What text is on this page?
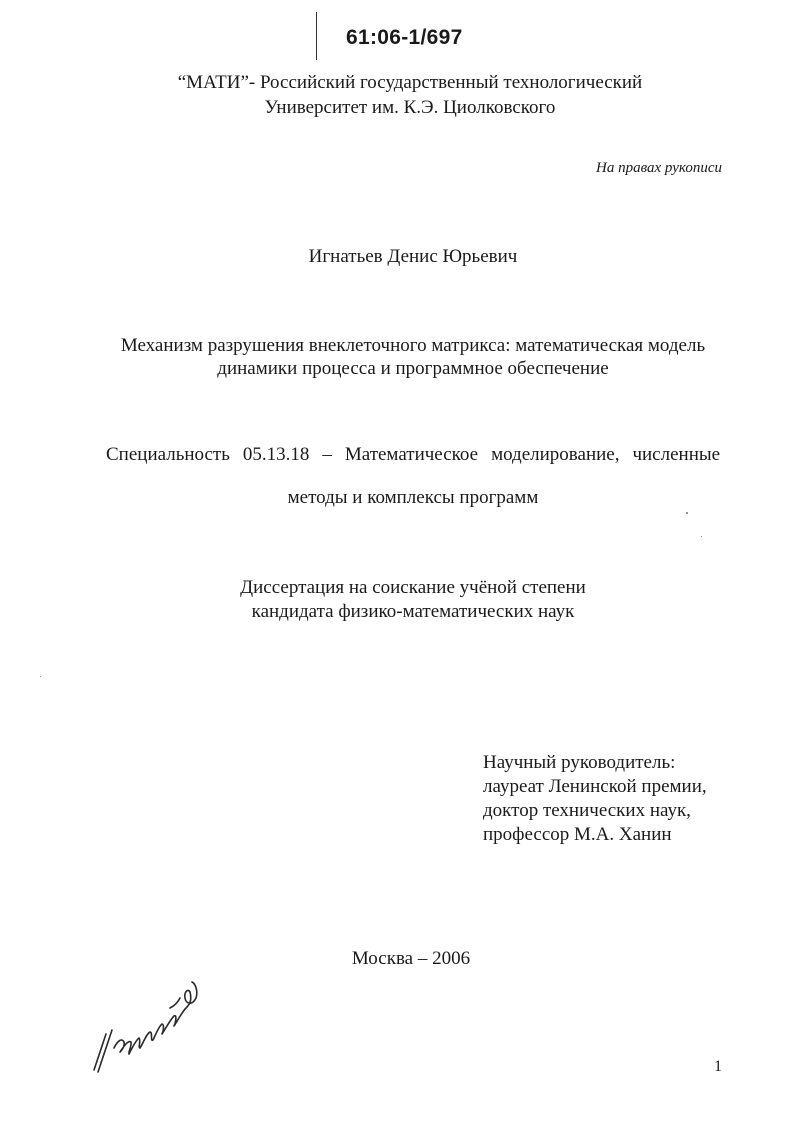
61:06-1/697
“МАТИ”- Российский государственный технологический
Университет им. К.Э. Циолковского
На правах рукописи
Игнатьев Денис Юрьевич
Механизм разрушения внеклеточного матрикса: математическая модель
динамики процесса и программное обеспечение
Специальность 05.13.18 – Математическое моделирование, численные
методы и комплексы программ
Диссертация на соискание учёной степени
кандидата физико-математических наук
Научный руководитель:
лауреат Ленинской премии,
доктор технических наук,
профессор М.А. Ханин
Москва – 2006
1
